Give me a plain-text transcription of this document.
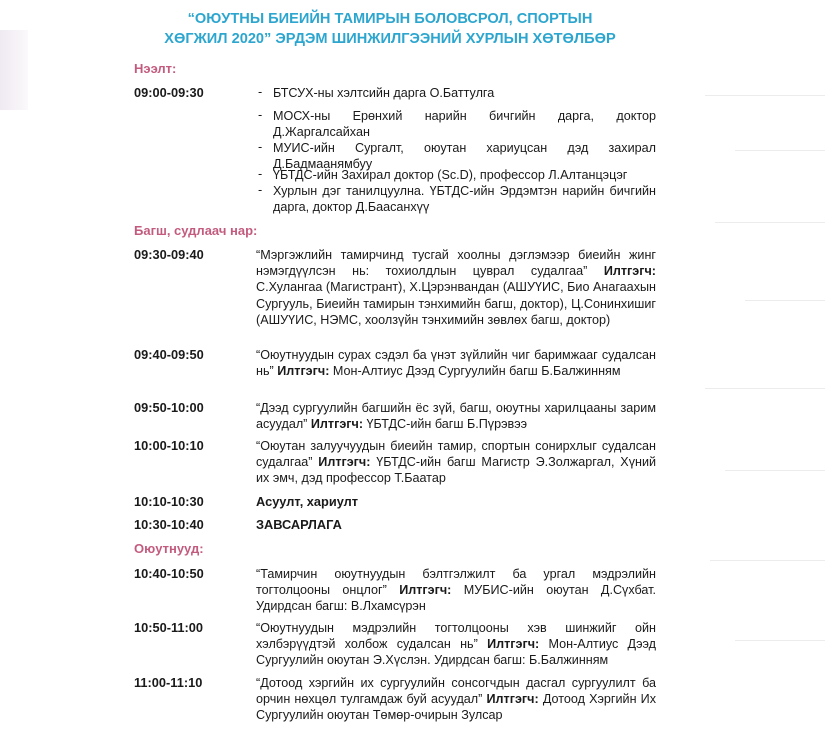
“ОЮУТНЫ БИЕИЙН ТАМИРЫН БОЛОВСРОЛ, СПОРТЫН
ХӨГЖИЛ 2020” ЭРДЭМ ШИНЖИЛГЭЭНИЙ ХУРЛЫН ХӨТӨЛБӨР
Нээлт:
09:00-09:30	- БТСУХ-ны хэлтсийн дарга О.Баттулга
- МОСХ-ны Ерөнхий нарийн бичгийн дарга, доктор Д.Жаргалсайхан
- МУИС-ийн Сургалт, оюутан хариуцсан дэд захирал Д.Бадмаанямбуу
- ҮБТДС-ийн Захирал доктор (Sc.D), профессор Л.Алтанцэцэг
- Хурлын дэг танилцуулна. ҮБТДС-ийн Эрдэмтэн нарийн бичгийн дарга, доктор Д.Баасанхүү
Багш, судлаач нар:
09:30-09:40	“Мэргэжлийн тамирчинд тусгай хоолны дэглэмээр биеийн жинг нэмэгдүүлсэн нь: тохиолдлын цуврал судалгаа” Илтгэгч: С.Хулангаа (Магистрант), Х.Цэрэнвандан (АШУҮИС, Био Анагаахын Сургууль, Биеийн тамирын тэнхимийн багш, доктор), Ц.Сонинхишиг (АШУҮИС, НЭМС, хоолзүйн тэнхимийн зөвлөх багш, доктор)
09:40-09:50	“Оюутнуудын сурах сэдэл ба үнэт зүйлийн чиг баримжааг судалсан нь” Илтгэгч: Мон-Алтиус Дээд Сургуулийн багш Б.Балжинням
09:50-10:00	“Дээд сургуулийн багшийн ёс зүй, багш, оюутны харилцааны зарим асуудал” Илтгэгч: ҮБТДС-ийн багш Б.Пүрэвээ
10:00-10:10	“Оюутан залуучуудын биеийн тамир, спортын сонирхлыг судалсан судалгаа” Илтгэгч: ҮБТДС-ийн багш Магистр Э.Золжаргал, Хүний их эмч, дэд профессор Т.Баатар
10:10-10:30	Асуулт, хариулт
10:30-10:40	ЗАВСАРЛАГА
Оюутнууд:
10:40-10:50	“Тамирчин оюутнуудын бэлтгэлжилт ба ургал мэдрэлийн тогтолцооны онцлог” Илтгэгч: МУБИС-ийн оюутан Д.Сүхбат. Удирдсан багш: В.Лхамсүрэн
10:50-11:00	“Оюутнуудын мэдрэлийн тогтолцооны хэв шинжийг ойн хэлбэрүүдтэй холбож судалсан нь” Илтгэгч: Мон-Алтиус Дээд Сургуулийн оюутан Э.Хүслэн. Удирдсан багш: Б.Балжинням
11:00-11:10	“Дотоод хэргийн их сургуулийн сонсогчдын дасгал сургуулилт ба орчин нөхцөл тулгамдаж буй асуудал” Илтгэгч: Дотоод Хэргийн Их Сургуулийн оюутан Төмөр-очирын Зулсар
